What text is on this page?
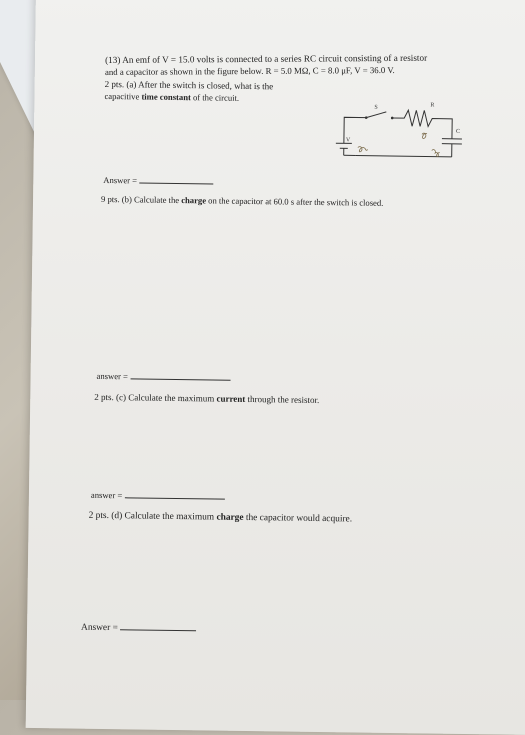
(13) An emf of V = 15.0 volts is connected to a series RC circuit consisting of a resistor
and a capacitor as shown in the figure below. R = 5.0 MΩ, C = 8.0 μF, V = 36.0 V.
2 pts. (a) After the switch is closed, what is the
capacitive time constant of the circuit.
S	R
C
V
Answer =
9 pts. (b) Calculate the charge on the capacitor at 60.0 s after the switch is closed.
answer =
2 pts. (c) Calculate the maximum current through the resistor.
answer =
2 pts. (d) Calculate the maximum charge the capacitor would acquire.
Answer =
